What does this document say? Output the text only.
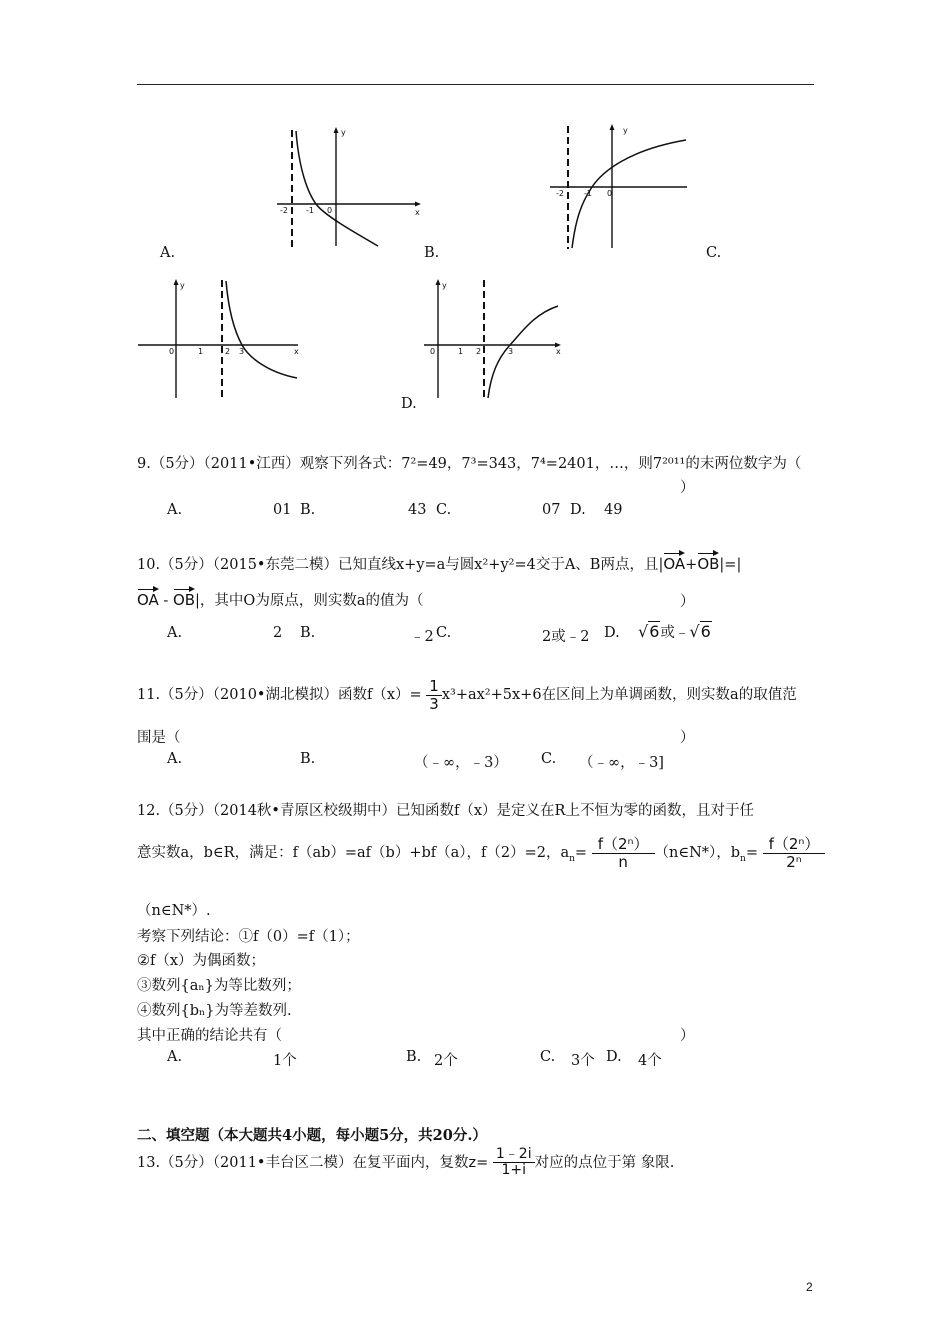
y
x
-2 -1 0
y
-2	-1 0
y
x
0	1	2 3
y
x
0	1 2	3
A.	B.	C.
D.
9.（5分）（2011•江西）观察下列各式：7²=49，7³=343，7⁴=2401，…，则7²⁰¹¹的末两位数字为（
）
A.	01 B.	43 C.	07 D. 49
10.（5分）（2015•东莞二模）已知直线x+y=a与圆x²+y²=4交于A、B两点，且|OA+OB|=|
OA - OB|，其中O为原点，则实数a的值为（	）
A.	2 B.	﹣2 C.	2或﹣2 D. √6或﹣√6
11.（5分）（2010•湖北模拟）函数$f(x)= \frac{1}{3} x^3+ax^2+5x+6$在区间上为单调函数，则实数a的取值范
围是（	）
A.	B.	（﹣∞，﹣3） C. （﹣∞，﹣3]
12.（5分）（2014秋•青原区校级期中）已知函数f（x）是定义在R上不恒为零的函数，且对于任
意实数a，b∈R，满足：f（ab）=af（b）+bf（a），f（2）=2，$a_n= \frac{\text{f（2ⁿ）}}{n}$ （n∈N*），$b_n= \frac{\text{f（2ⁿ）}}{\text{2ⁿ}}$
（n∈N*）.
考察下列结论：①f（0）=f（1）；
②f（x）为偶函数；
③数列{aₙ}为等比数列；
④数列{bₙ}为等差数列.
其中正确的结论共有（	）
A.	1个	B. 2个	C. 3个 D. 4个
二、填空题（本大题共4小题，每小题5分，共20分.）
13.（5分）（2011•丰台区二模）在复平面内，复数$z= \frac{1﹣2i}{1+i}$ 对应的点位于第 象限.
2
